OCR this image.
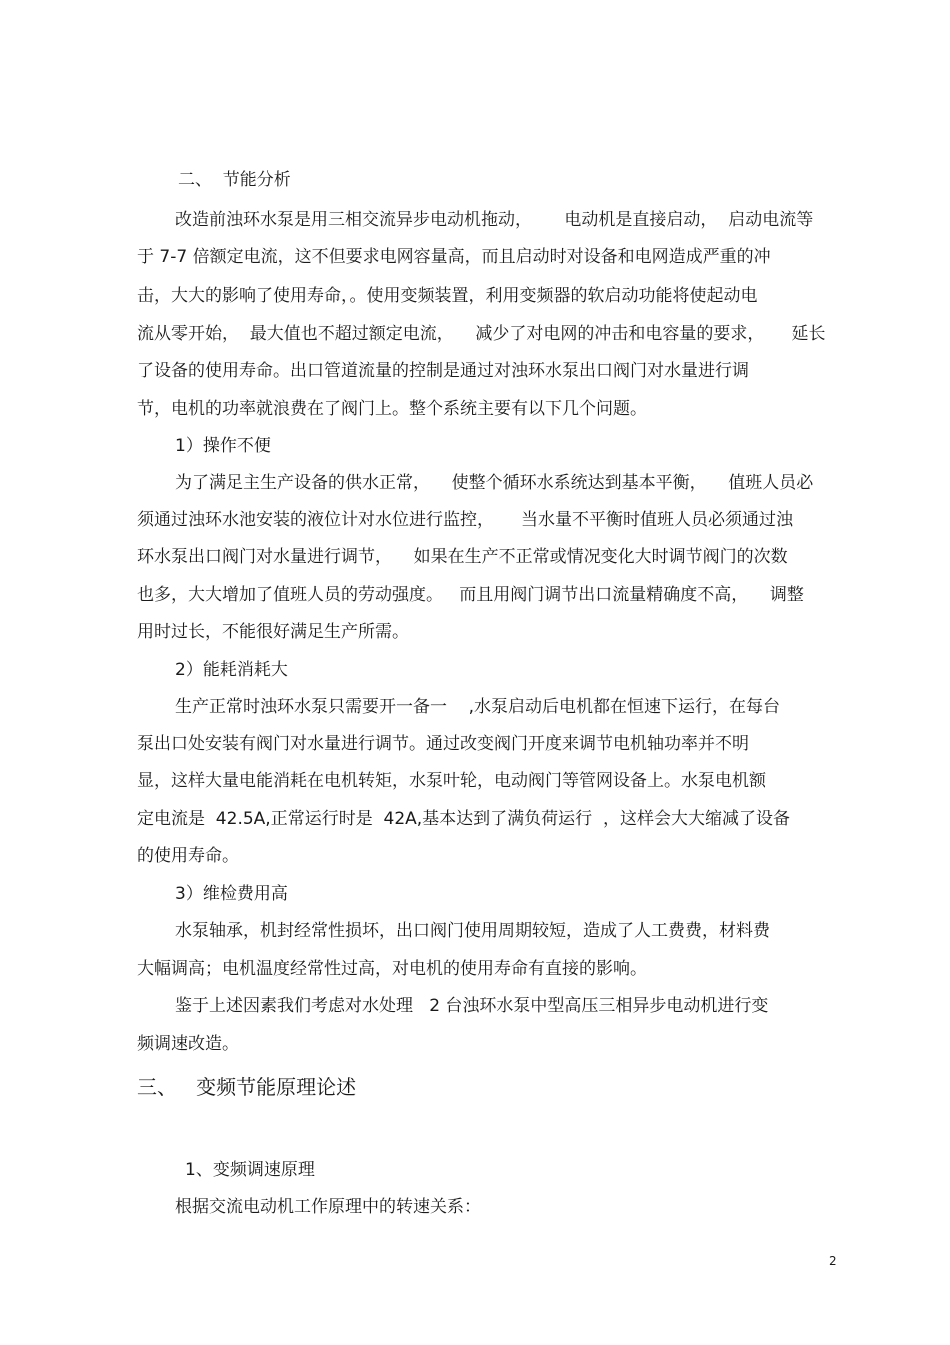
二、  节能分析
改造前浊环水泵是用三相交流异步电动机拖动，      电动机是直接启动，  启动电流等
于 7-7 倍额定电流，这不但要求电网容量高，而且启动时对设备和电网造成严重的冲
击，大大的影响了使用寿命，。使用变频装置，利用变频器的软启动功能将使起动电
流从零开始，  最大值也不超过额定电流，    减少了对电网的冲击和电容量的要求，     延长
了设备的使用寿命。出口管道流量的控制是通过对浊环水泵出口阀门对水量进行调
节，电机的功率就浪费在了阀门上。整个系统主要有以下几个问题。
1）操作不便
为了满足主生产设备的供水正常，    使整个循环水系统达到基本平衡，    值班人员必
须通过浊环水池安装的液位计对水位进行监控，     当水量不平衡时值班人员必须通过浊
环水泵出口阀门对水量进行调节，    如果在生产不正常或情况变化大时调节阀门的次数
也多，大大增加了值班人员的劳动强度。   而且用阀门调节出口流量精确度不高，    调整
用时过长，不能很好满足生产所需。
2）能耗消耗大
生产正常时浊环水泵只需要开一备一    ,水泵启动后电机都在恒速下运行，在每台
泵出口处安装有阀门对水量进行调节。通过改变阀门开度来调节电机轴功率并不明
显，这样大量电能消耗在电机转矩，水泵叶轮，电动阀门等管网设备上。水泵电机额
定电流是  42.5A,正常运行时是  42A,基本达到了满负荷运行  ，这样会大大缩减了设备
的使用寿命。
3）维检费用高
水泵轴承，机封经常性损坏，出口阀门使用周期较短，造成了人工费费，材料费
大幅调高；电机温度经常性过高，对电机的使用寿命有直接的影响。
鉴于上述因素我们考虑对水处理   2 台浊环水泵中型高压三相异步电动机进行变
频调速改造。
三、   变频节能原理论述
1、变频调速原理
根据交流电动机工作原理中的转速关系：
2
